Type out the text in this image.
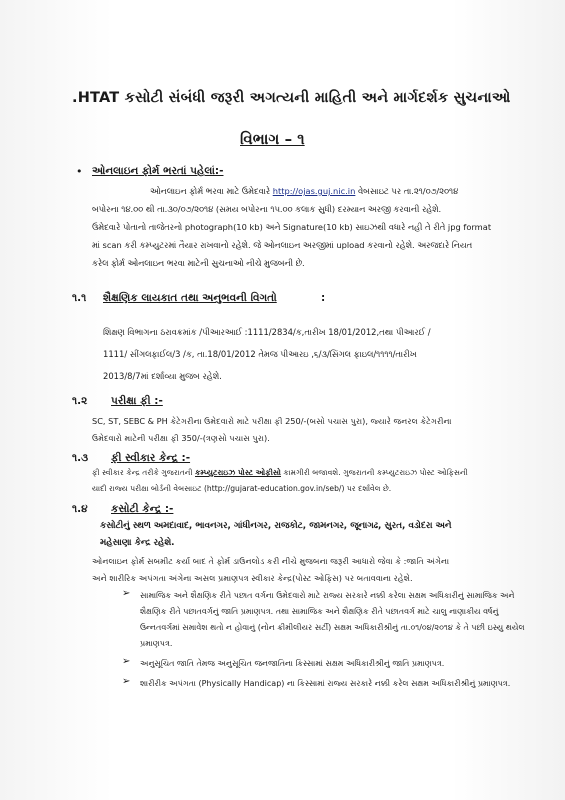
.HTAT કસોટી સંબંધી જરૂરી અગત્યની માહિતી અને માર્ગદર્શક સુચનાઓ
વિભાગ – ૧
• ઓનલાઇન ફોર્મ ભરતાં પહેલાં:-
ઓનલાઇન ફોર્મ ભરવા માટે ઉમેદવારે http://ojas.guj.nic.in વેબસાઇટ પર તા.૨૧/૦૭/૨૦૧૪
બપોરના ૧૪.૦૦ થી તા.૩૦/૦૭/૨૦૧૪ (સમય બપોરના ૧૫.૦૦ કલાક સુધી) દરમ્યાન અરજી કરવાની રહેશે.
ઉમેદવારે પોતાનો તાજેતરનો photograph(10 kb) અને Signature(10 kb) સાઇઝથી વધારે નહી તે રીતે jpg format
માં scan કરી કમ્પ્યુટરમાં તૈયાર રાખવાનો રહેશે. જે ઓનલાઇન અરજીમાં upload કરવાનો રહેશે. અરજદારે નિયત
કરેલ ફોર્મ ઓનલાઇન ભરવા માટેની સુચનાઓ નીચે મુજબની છે.
૧.૧ શૈક્ષણિક લાયકાત તથા અનુભવની વિગતો	:
શિક્ષણ વિભાગના ઠરાવક્રમાંક /પીઆરઆઈ :1111/2834/ક,તારીખ 18/01/2012,તથા પીઆરઈ /
1111/ સીંગલફાઈલ/3 /ક, તા.18/01/2012 તેમજ પીઆરઇ ,૬/૩/સિંગલ ફાઇલ/૧૧૧૧/તારીખ
2013/8/7માં દર્શાવ્યા મુજબ રહેશે.
૧.૨ પરીક્ષા ફી :-
SC, ST, SEBC & PH કેટેગરીના ઉમેદવારો માટે પરીક્ષા ફી 250/-(બસો પચાસ પુરા), જ્યારે જનરલ કેટેગરીના
ઉમેદવારો માટેની પરીક્ષા ફી 350/-(ત્રણસો પચાસ પુરા).
૧.૩ ફી સ્વીકાર કેન્દ્ર :-
ફી સ્વીકાર કેન્દ્ર તરીકે ગુજરાતની કમ્પ્યુટરાઇઝ પોસ્ટ ઓફીસો કામગીરી બજાવશે. ગુજરાતની કમ્પ્યુટરાઇઝ પોસ્ટ ઓફિસની
યાદી રાજ્ય પરીક્ષા બોર્ડની વેબસાઇટ (http://gujarat-education.gov.in/seb/) પર દર્શાવેલ છે.
૧.૪ કસોટી કેન્દ્ર :-
કસોટીનું સ્થળ અમદાવાદ, ભાવનગર, ગાંધીનગર, રાજકોટ, જામનગર, જૂનાગઢ, સુરત, વડોદરા અને
મહેસાણા કેન્દ્ર રહેશે.
ઓનલાઇન ફોર્મ સબમીટ કર્યા બાદ તે ફોર્મ ડાઉનલોડ કરી નીચે મુજબના જરૂરી આધારો જેવા કે :જાતિ અંગેના
અને શારીરિક અપંગતા અંગેના અસલ પ્રમાણપત્ર સ્વીકાર કેન્દ્ર(પોસ્ટ ઓફિસ) પર બતાવવાના રહેશે.
➢ સામાજિક અને શૈક્ષણિક રીતે પછાત વર્ગના ઉમેદવારો માટે રાજ્ય સરકારે નક્કી કરેલા સક્ષમ અધિકારીનું સામાજિક અને શૈક્ષણિક રીતે પછાતવર્ગનું જાતિ પ્રમાણપત્ર. તથા સામાજિક અને શૈક્ષણિક રીતે પછાતવર્ગ માટે ચાલુ નાણાકીય વર્ષનું ઉન્નતવર્ગમાં સમાવેશ થતો ન હોવાનું (નોન ક્રીમીલીયર સર્ટી) સક્ષમ અધિકારીશ્રીનું તા.૦૧/૦૪/૨૦૧૪ કે તે પછી ઇસ્યુ થયેલ પ્રમાણપત્ર.

➢ અનુસૂચિત જાતિ તેમજ અનુસૂચિત જનજાતિના કિસ્સામાં સક્ષમ અધિકારીશ્રીનું જાતિ પ્રમાણપત્ર.

➢ શારીરીક અપંગતા (Physically Handicap) ના કિસ્સામાં રાજ્ય સરકારે નક્કી કરેલ સક્ષમ અધિકારીશ્રીનું પ્રમાણપત્ર.
